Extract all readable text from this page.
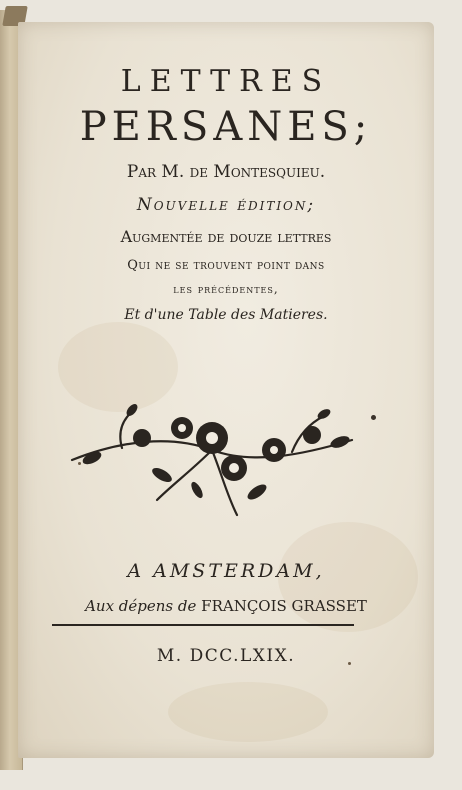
LETTRES
PERSANES;
Par M. de Montesquieu.
Nouvelle édition;
Augmentée de douze lettres
Qui ne se trouvent point dans
les précédentes,
Et d'une Table des Matieres.
A AMSTERDAM,
Aux dépens de FRANÇOIS GRASSET
M. DCC.LXIX.
